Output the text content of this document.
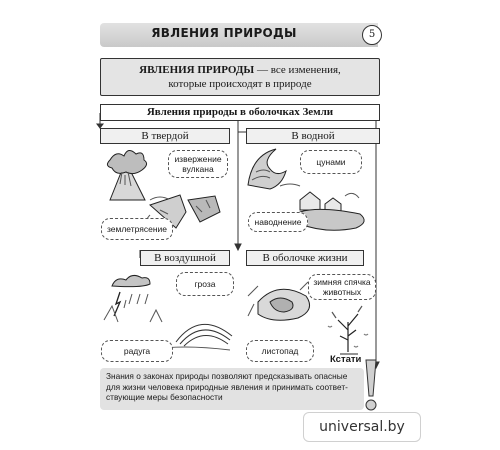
ЯВЛЕНИЯ ПРИРОДЫ	5
ЯВЛЕНИЯ ПРИРОДЫ — все изменения,
которые происходят в природе
Явления природы в оболочках Земли
В твердой	В водной
В воздушной	В оболочке жизни
извержение
вулкана
землетрясение
цунами
наводнение
гроза
радуга
зимняя спячка
животных
листопад
Кстати
Знания о законах природы позволяют предсказывать опасные
для жизни человека природные явления и принимать соответ-
ствующие меры безопасности
universal.by
